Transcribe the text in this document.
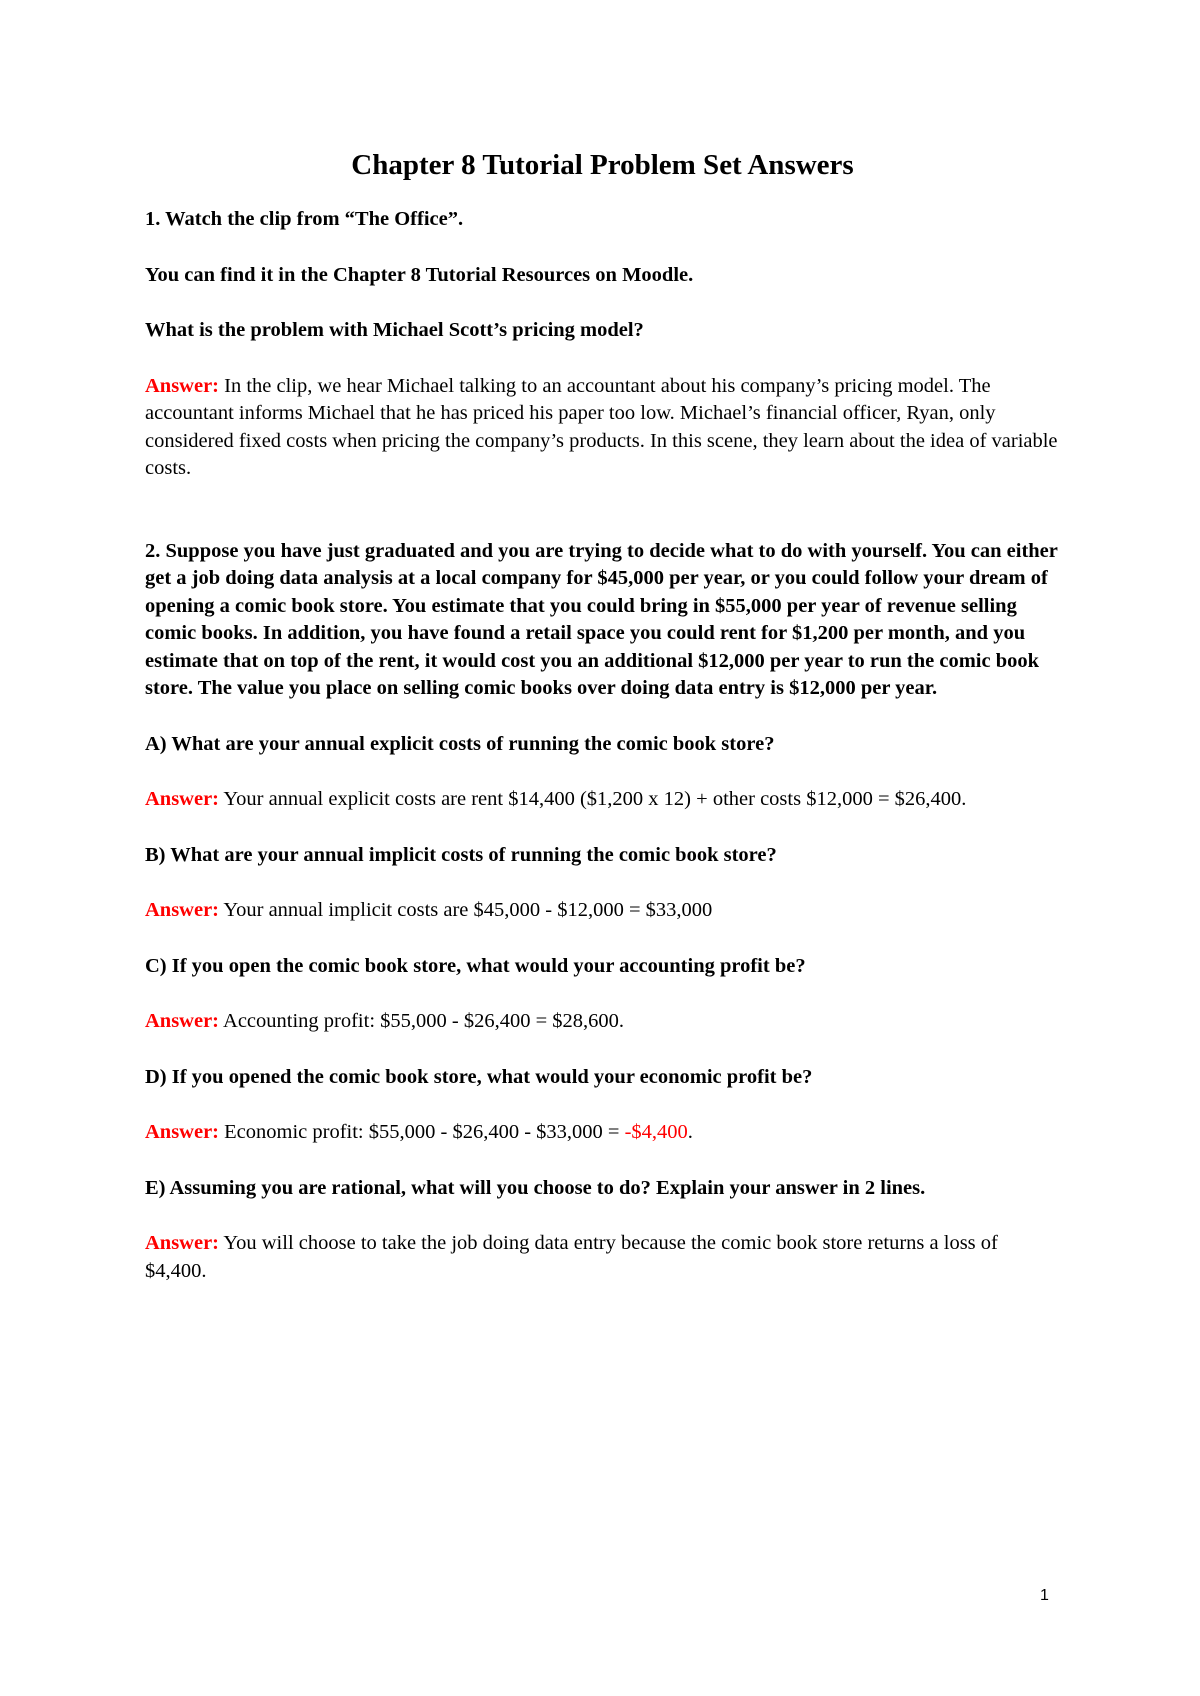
Chapter 8 Tutorial Problem Set Answers

1. Watch the clip from “The Office”.

You can find it in the Chapter 8 Tutorial Resources on Moodle.

What is the problem with Michael Scott’s pricing model?

Answer: In the clip, we hear Michael talking to an accountant about his company’s pricing model. The accountant informs Michael that he has priced his paper too low. Michael’s financial officer, Ryan, only considered fixed costs when pricing the company’s products. In this scene, they learn about the idea of variable costs.

2. Suppose you have just graduated and you are trying to decide what to do with yourself. You can either get a job doing data analysis at a local company for $45,000 per year, or you could follow your dream of opening a comic book store. You estimate that you could bring in $55,000 per year of revenue selling comic books. In addition, you have found a retail space you could rent for $1,200 per month, and you estimate that on top of the rent, it would cost you an additional $12,000 per year to run the comic book store. The value you place on selling comic books over doing data entry is $12,000 per year.

A) What are your annual explicit costs of running the comic book store?

Answer: Your annual explicit costs are rent $14,400 ($1,200 x 12) + other costs $12,000 = $26,400.

B) What are your annual implicit costs of running the comic book store?

Answer: Your annual implicit costs are $45,000 - $12,000 = $33,000

C) If you open the comic book store, what would your accounting profit be?

Answer: Accounting profit: $55,000 - $26,400 = $28,600.

D) If you opened the comic book store, what would your economic profit be?

Answer: Economic profit: $55,000 - $26,400 - $33,000 = -$4,400.

E) Assuming you are rational, what will you choose to do? Explain your answer in 2 lines.

Answer: You will choose to take the job doing data entry because the comic book store returns a loss of $4,400.

1
